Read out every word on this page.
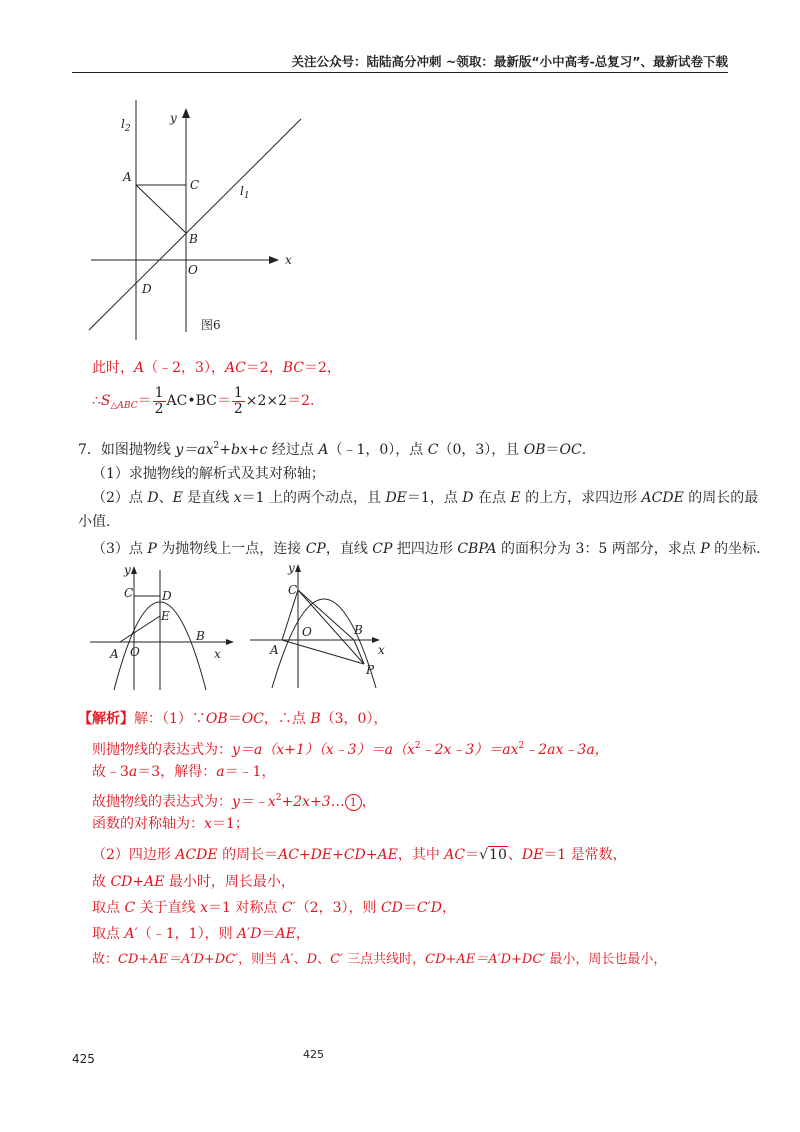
关注公众号：陆陆高分冲刺 ~领取：最新版“小中高考-总复习”、最新试卷下载
$l_2$
y
A
C	$l_1$
B
x
O
D
图6
此时，A（﹣2，3），AC＝2，BC＝2，
$\therefore S_{\triangle ABC}= \frac{1}{2}$ AC•BC＝ $\frac{1}{2} \times 2\times 2=2$.
7．如图抛物线 $y=ax^2+bx+c$ 经过点 A（﹣1，0），点 C（0，3），且 OB＝OC.
（1）求抛物线的解析式及其对称轴；
（2）点 D、E 是直线 x＝1 上的两个动点，且 DE＝1，点 D 在点 E 的上方，求四边形 ACDE 的周长的最
小值.
（3）点 P 为抛物线上一点，连接 CP，直线 CP 把四边形 CBPA 的面积分为 3：5 两部分，求点 P 的坐标.
y
C D
E
B
A O	x
y
C
O	B
A	x
P
【解析】解：（1）∵OB＝OC，∴点 B（3，0），
则抛物线的表达式为：$y=a(x+1)(x﹣3)=a(x^2﹣2x﹣3)=ax^2﹣2ax﹣3a$，
故﹣3a＝3，解得：a＝﹣1，
故抛物线的表达式为：$y=﹣x^2+2x+3\dots$ 1 ，
函数的对称轴为：x＝1；
（2）四边形 ACDE 的周长＝AC+DE+CD+AE，其中 AC＝√10、DE＝1 是常数，
故 CD+AE 最小时，周长最小，
取点 C 关于直线 x＝1 对称点 C′（2，3），则 CD＝C′D，
取点 A′（﹣1，1），则 A′D＝AE，
故：CD+AE＝A′D+DC′，则当 A′、D、C′ 三点共线时，CD+AE＝A′D+DC′ 最小，周长也最小，
425	425
